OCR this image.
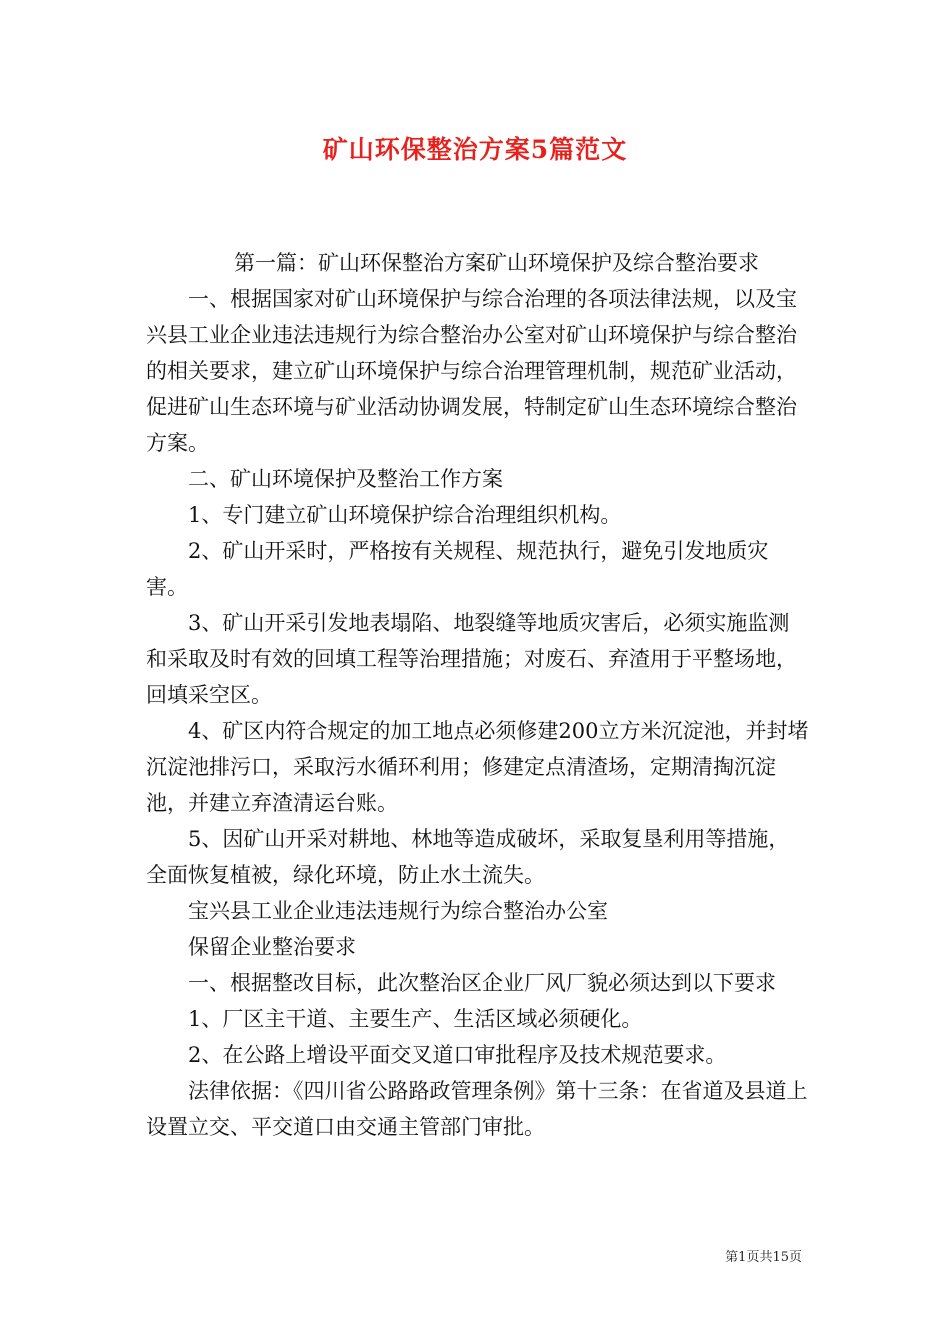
矿山环保整治方案5篇范文

第一篇：矿山环保整治方案矿山环境保护及综合整治要求

一、根据国家对矿山环境保护与综合治理的各项法律法规，以及宝兴县工业企业违法违规行为综合整治办公室对矿山环境保护与综合整治的相关要求，建立矿山环境保护与综合治理管理机制，规范矿业活动，促进矿山生态环境与矿业活动协调发展，特制定矿山生态环境综合整治方案。

二、矿山环境保护及整治工作方案

1、专门建立矿山环境保护综合治理组织机构。

2、矿山开采时，严格按有关规程、规范执行，避免引发地质灾害。

3、矿山开采引发地表塌陷、地裂缝等地质灾害后，必须实施监测和采取及时有效的回填工程等治理措施；对废石、弃渣用于平整场地，回填采空区。

4、矿区内符合规定的加工地点必须修建200立方米沉淀池，并封堵沉淀池排污口，采取污水循环利用；修建定点清渣场，定期清掏沉淀池，并建立弃渣清运台账。

5、因矿山开采对耕地、林地等造成破坏，采取复垦利用等措施，全面恢复植被，绿化环境，防止水土流失。

宝兴县工业企业违法违规行为综合整治办公室

保留企业整治要求

一、根据整改目标，此次整治区企业厂风厂貌必须达到以下要求

1、厂区主干道、主要生产、生活区域必须硬化。

2、在公路上增设平面交叉道口审批程序及技术规范要求。

法律依据：《四川省公路路政管理条例》第十三条：在省道及县道上设置立交、平交道口由交通主管部门审批。

第1页共15页
